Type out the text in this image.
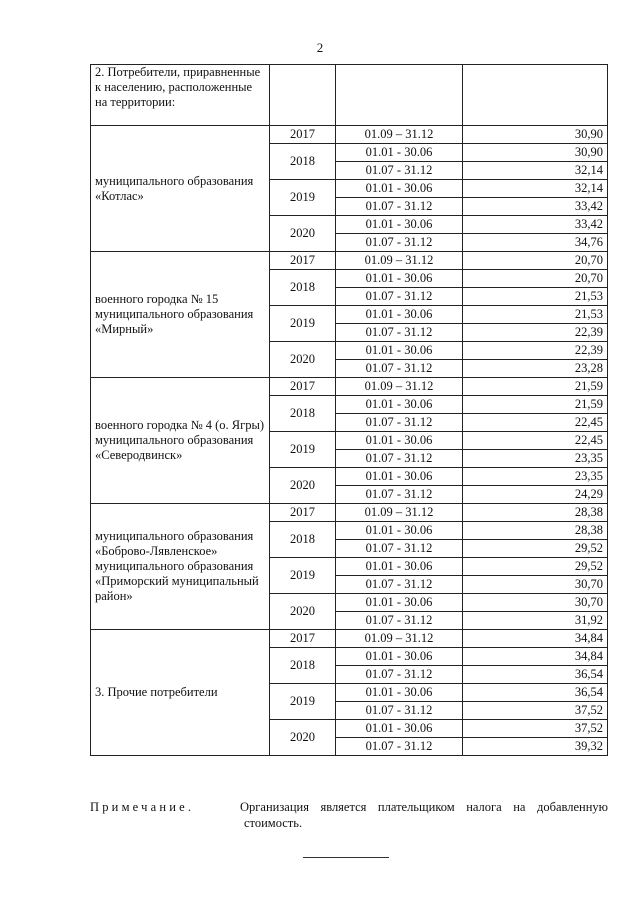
2
2. Потребители, приравненные к населению, расположенные на территории:			
муниципального образования «Котлас»	2017	01.09 – 31.12	30,90
	2018	01.01 - 30.06	30,90
		01.07 - 31.12	32,14
	2019	01.01 - 30.06	32,14
		01.07 - 31.12	33,42
	2020	01.01 - 30.06	33,42
		01.07 - 31.12	34,76
военного городка № 15 муниципального образования «Мирный»	2017	01.09 – 31.12	20,70
	2018	01.01 - 30.06	20,70
		01.07 - 31.12	21,53
	2019	01.01 - 30.06	21,53
		01.07 - 31.12	22,39
	2020	01.01 - 30.06	22,39
		01.07 - 31.12	23,28
военного городка № 4 (о. Ягры) муниципального образования «Северодвинск»	2017	01.09 – 31.12	21,59
	2018	01.01 - 30.06	21,59
		01.07 - 31.12	22,45
	2019	01.01 - 30.06	22,45
		01.07 - 31.12	23,35
	2020	01.01 - 30.06	23,35
		01.07 - 31.12	24,29
муниципального образования «Боброво-Лявленское» муниципального образования «Приморский муниципальный район»	2017	01.09 – 31.12	28,38
	2018	01.01 - 30.06	28,38
		01.07 - 31.12	29,52
	2019	01.01 - 30.06	29,52
		01.07 - 31.12	30,70
	2020	01.01 - 30.06	30,70
		01.07 - 31.12	31,92
3. Прочие потребители	2017	01.09 – 31.12	34,84
	2018	01.01 - 30.06	34,84
		01.07 - 31.12	36,54
	2019	01.01 - 30.06	36,54
		01.07 - 31.12	37,52
	2020	01.01 - 30.06	37,52
		01.07 - 31.12	39,32
Примечание.	Организация является плательщиком налога на добавленную
стоимость.
